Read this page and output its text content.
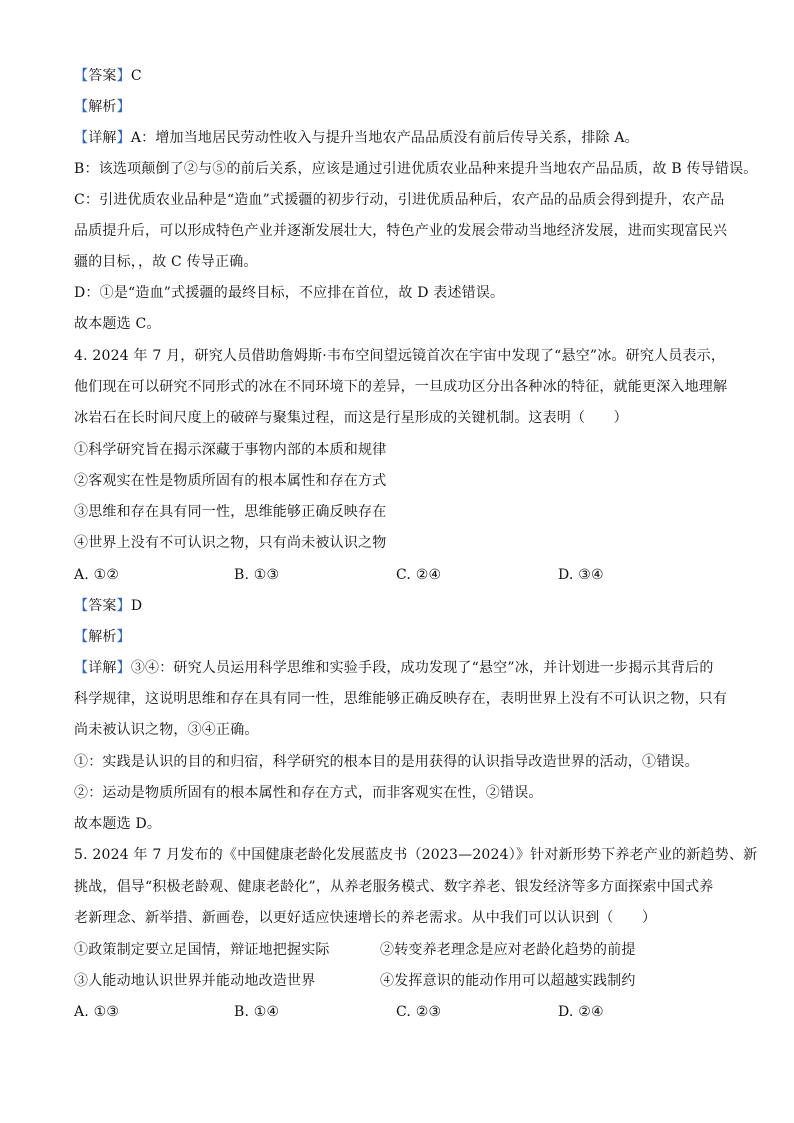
【答案】C
【解析】
【详解】A：增加当地居民劳动性收入与提升当地农产品品质没有前后传导关系，排除 A。
B：该选项颠倒了②与⑤的前后关系，应该是通过引进优质农业品种来提升当地农产品品质，故 B 传导错误。
C：引进优质农业品种是“造血”式援疆的初步行动，引进优质品种后，农产品的品质会得到提升，农产品
品质提升后，可以形成特色产业并逐渐发展壮大，特色产业的发展会带动当地经济发展，进而实现富民兴
疆的目标，，故 C 传导正确。
D：①是“造血”式援疆的最终目标，不应排在首位，故 D 表述错误。
故本题选 C。
4. 2024 年 7 月，研究人员借助詹姆斯·韦布空间望远镜首次在宇宙中发现了“悬空”冰。研究人员表示，
他们现在可以研究不同形式的冰在不同环境下的差异，一旦成功区分出各种冰的特征，就能更深入地理解
冰岩石在长时间尺度上的破碎与聚集过程，而这是行星形成的关键机制。这表明（　　）
①科学研究旨在揭示深藏于事物内部的本质和规律
②客观实在性是物质所固有的根本属性和存在方式
③思维和存在具有同一性，思维能够正确反映存在
④世界上没有不可认识之物，只有尚未被认识之物
A. ①②	B. ①③	C. ②④	D. ③④
【答案】D
【解析】
【详解】③④：研究人员运用科学思维和实验手段，成功发现了“悬空”冰，并计划进一步揭示其背后的
科学规律，这说明思维和存在具有同一性，思维能够正确反映存在，表明世界上没有不可认识之物，只有
尚未被认识之物，③④正确。
①：实践是认识的目的和归宿，科学研究的根本目的是用获得的认识指导改造世界的活动，①错误。
②：运动是物质所固有的根本属性和存在方式，而非客观实在性，②错误。
故本题选 D。
5. 2024 年 7 月发布的《中国健康老龄化发展蓝皮书（2023—2024）》针对新形势下养老产业的新趋势、新
挑战，倡导“积极老龄观、健康老龄化”，从养老服务模式、数字养老、银发经济等多方面探索中国式养
老新理念、新举措、新画卷，以更好适应快速增长的养老需求。从中我们可以认识到（　　）
①政策制定要立足国情，辩证地把握实际	②转变养老理念是应对老龄化趋势的前提
③人能动地认识世界并能动地改造世界	④发挥意识的能动作用可以超越实践制约
A. ①③	B. ①④	C. ②③	D. ②④
